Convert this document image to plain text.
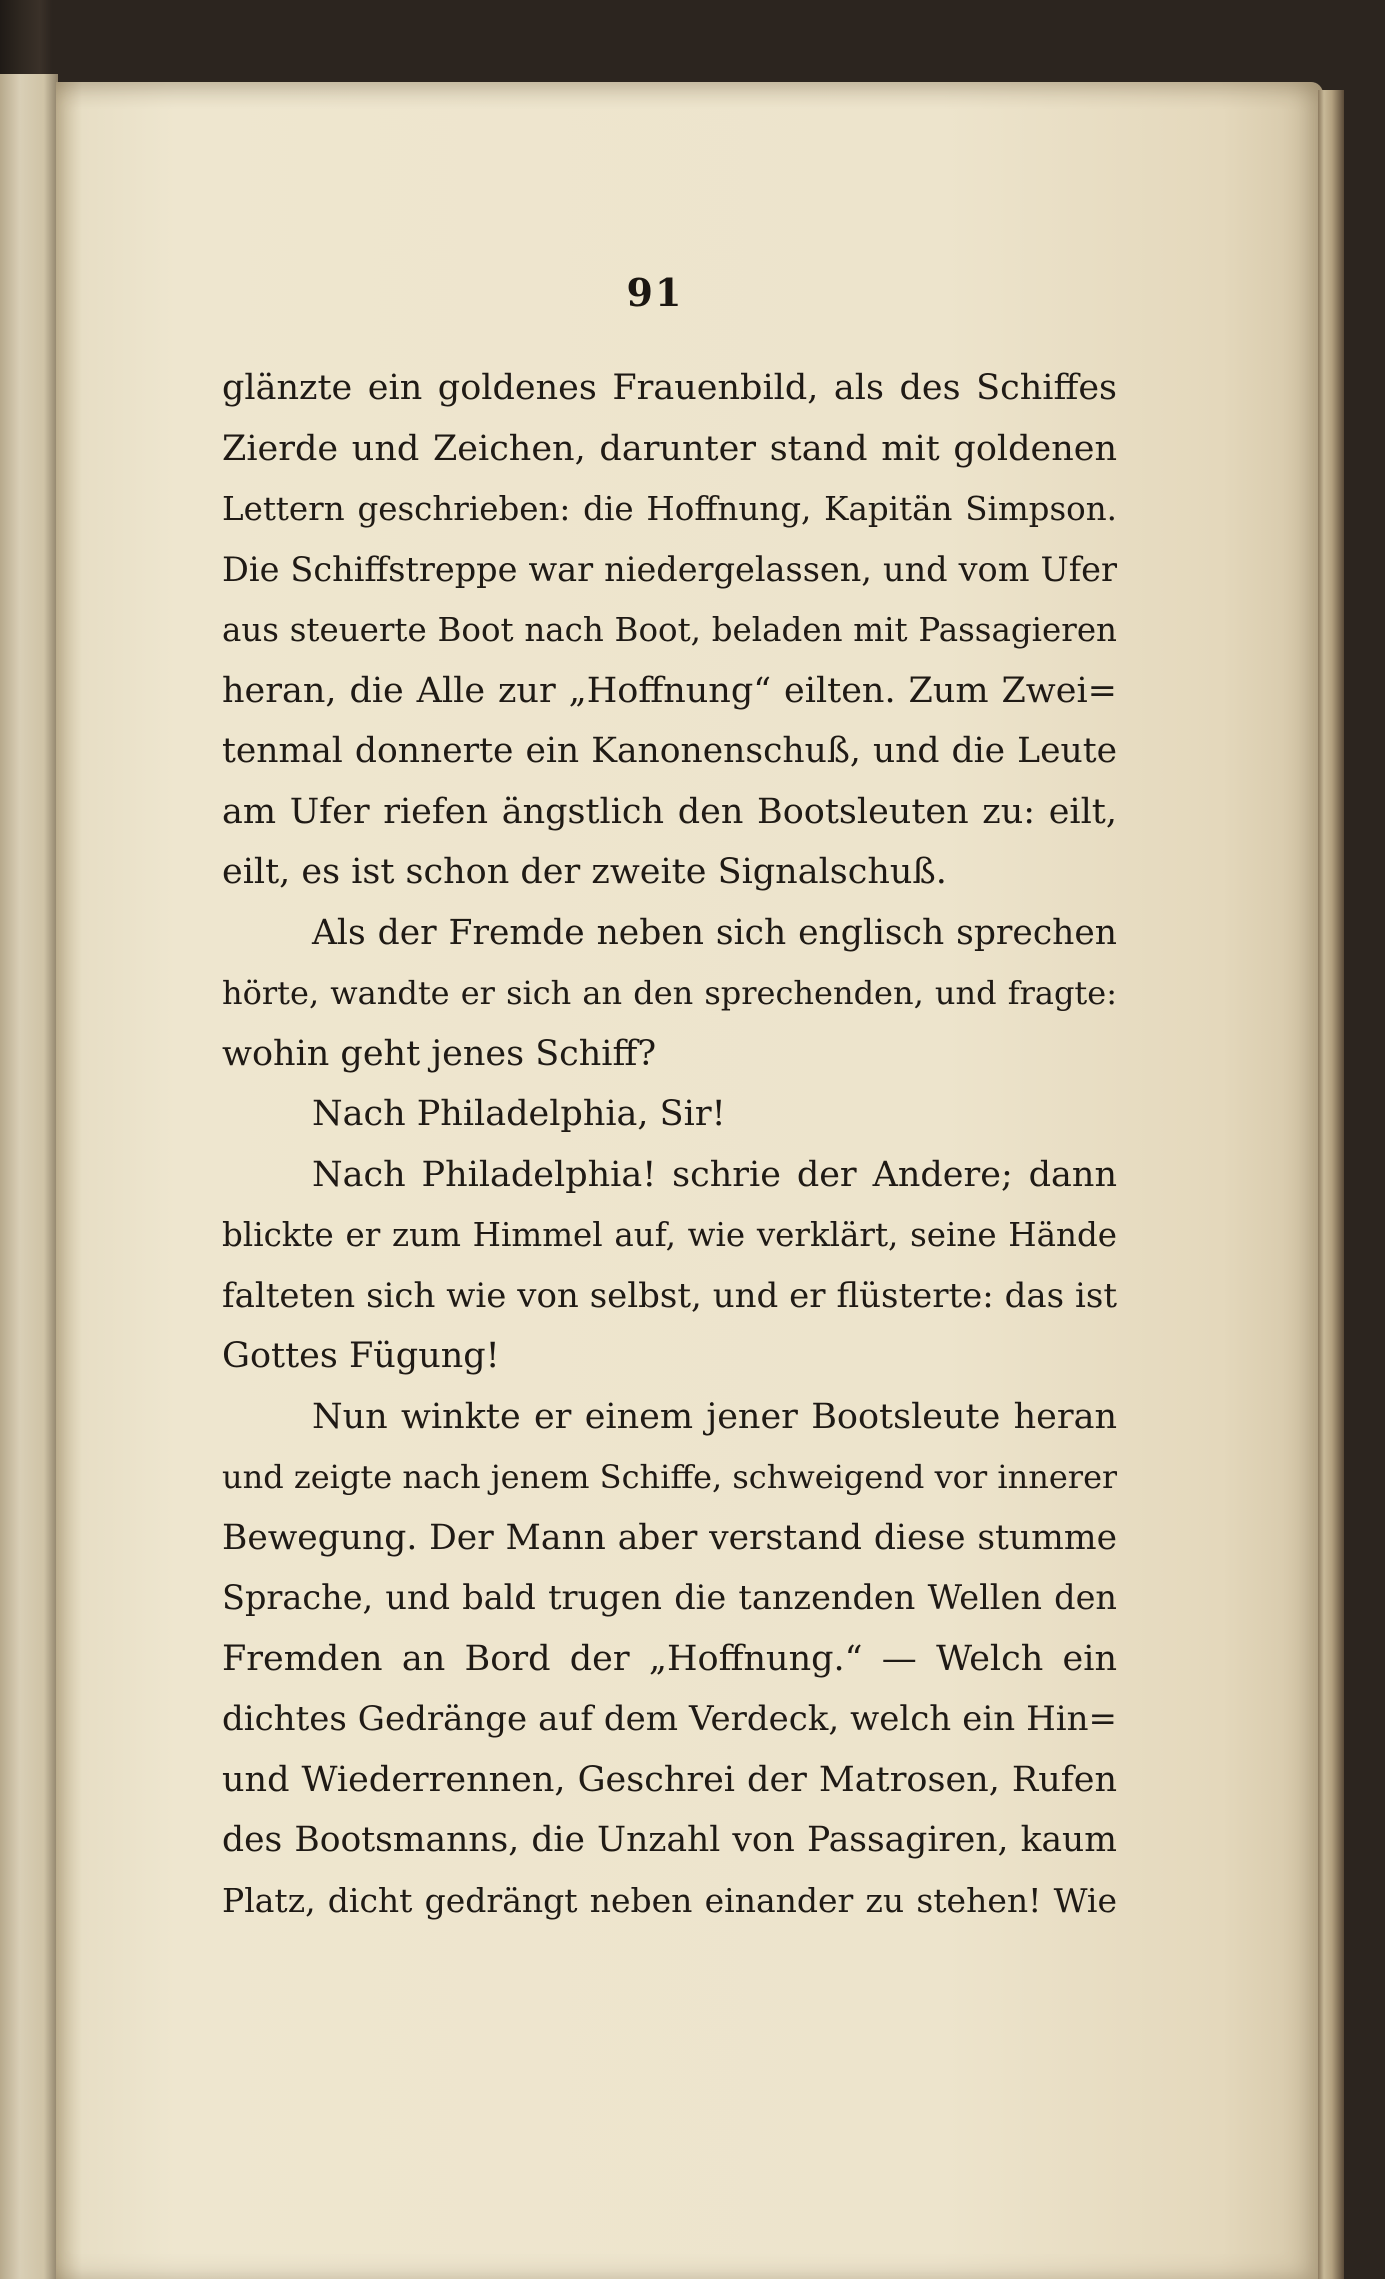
91
glänzte ein goldenes Frauenbild, als des Schiffes
Zierde und Zeichen, darunter stand mit goldenen
Lettern geschrieben: die Hoffnung, Kapitän Simpson.
Die Schiffstreppe war niedergelassen, und vom Ufer
aus steuerte Boot nach Boot, beladen mit Passagieren
heran, die Alle zur „Hoffnung“ eilten. Zum Zwei=
tenmal donnerte ein Kanonenschuß, und die Leute
am Ufer riefen ängstlich den Bootsleuten zu: eilt,
eilt, es ist schon der zweite Signalschuß.
Als der Fremde neben sich englisch sprechen
hörte, wandte er sich an den sprechenden, und fragte:
wohin geht jenes Schiff?
Nach Philadelphia, Sir!
Nach Philadelphia! schrie der Andere; dann
blickte er zum Himmel auf, wie verklärt, seine Hände
falteten sich wie von selbst, und er flüsterte: das ist
Gottes Fügung!
Nun winkte er einem jener Bootsleute heran
und zeigte nach jenem Schiffe, schweigend vor innerer
Bewegung. Der Mann aber verstand diese stumme
Sprache, und bald trugen die tanzenden Wellen den
Fremden an Bord der „Hoffnung.“ — Welch ein
dichtes Gedränge auf dem Verdeck, welch ein Hin=
und Wiederrennen, Geschrei der Matrosen, Rufen
des Bootsmanns, die Unzahl von Passagiren, kaum
Platz, dicht gedrängt neben einander zu stehen! Wie
